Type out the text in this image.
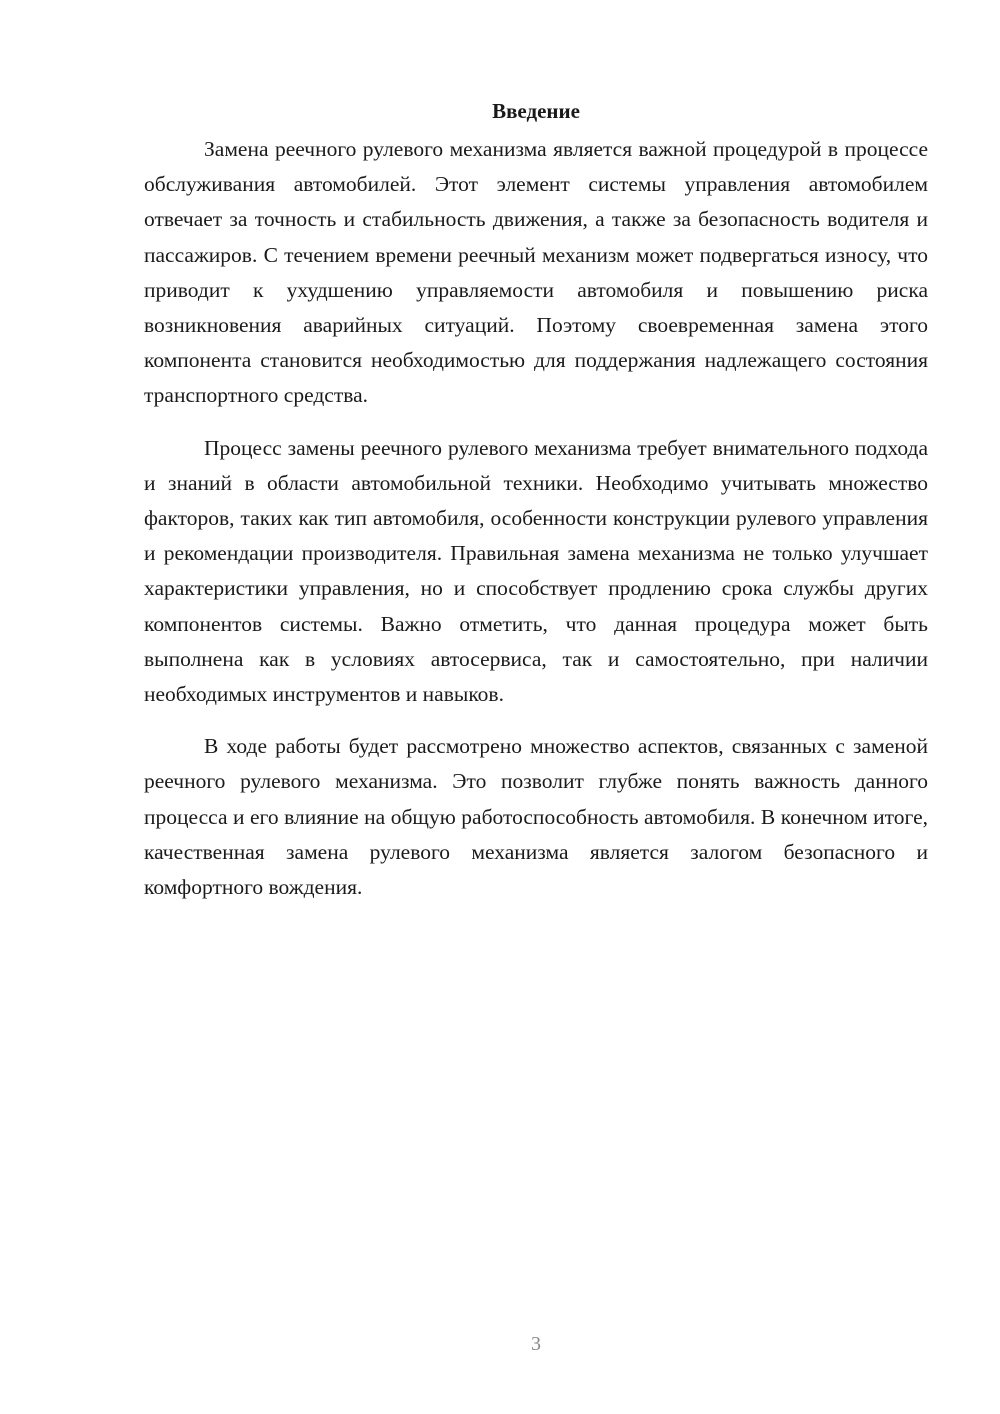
Введение

Замена реечного рулевого механизма является важной процедурой в процессе обслуживания автомобилей. Этот элемент системы управления автомобилем отвечает за точность и стабильность движения, а также за безопасность водителя и пассажиров. С течением времени реечный механизм может подвергаться износу, что приводит к ухудшению управляемости автомобиля и повышению риска возникновения аварийных ситуаций. Поэтому своевременная замена этого компонента становится необходимостью для поддержания надлежащего состояния транспортного средства.

Процесс замены реечного рулевого механизма требует внимательного подхода и знаний в области автомобильной техники. Необходимо учитывать множество факторов, таких как тип автомобиля, особенности конструкции рулевого управления и рекомендации производителя. Правильная замена механизма не только улучшает характеристики управления, но и способствует продлению срока службы других компонентов системы. Важно отметить, что данная процедура может быть выполнена как в условиях автосервиса, так и самостоятельно, при наличии необходимых инструментов и навыков.

В ходе работы будет рассмотрено множество аспектов, связанных с заменой реечного рулевого механизма. Это позволит глубже понять важность данного процесса и его влияние на общую работоспособность автомобиля. В конечном итоге, качественная замена рулевого механизма является залогом безопасного и комфортного вождения.

3
